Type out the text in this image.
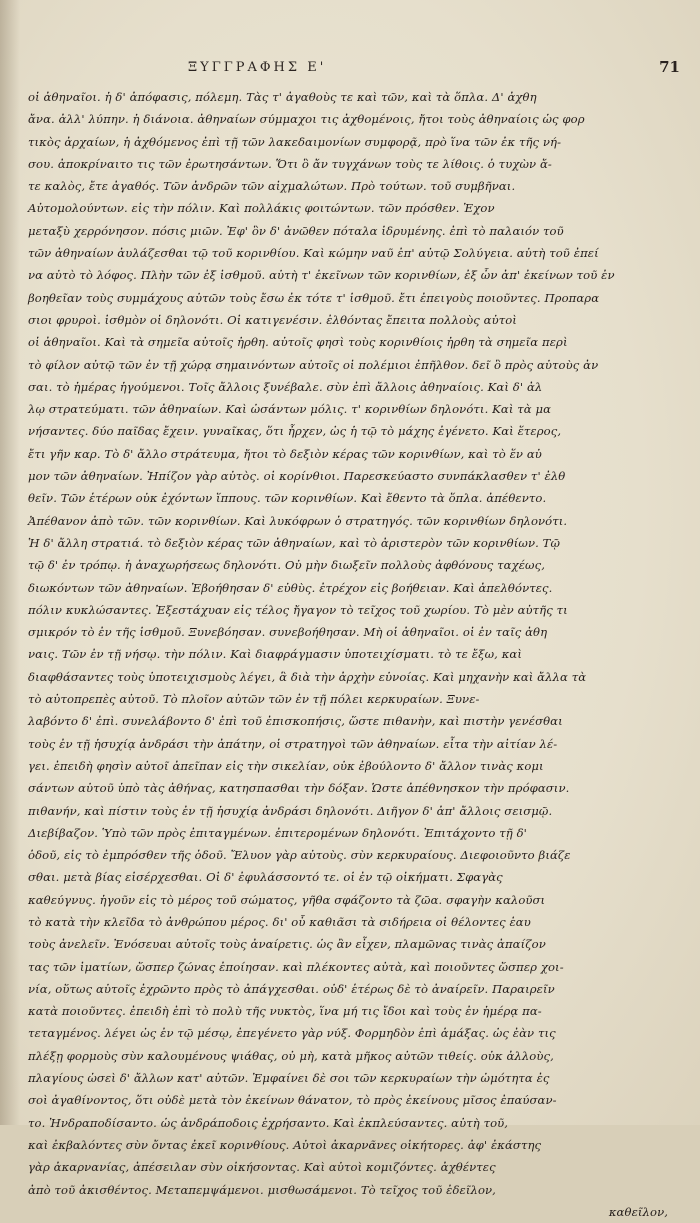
ΞΥΓΓΡΑΦΗΣ Ε'	71
οἱ ἀθηναῖοι. ἡ δ' ἀπόφασις, πόλεμη. Τὰς τ' ἀγαθοὺς τε καὶ τῶν, καὶ τὰ ὅπλα. Δ' ἀχθη
ἄνα. ἀλλ' λύπην. ἡ διάνοια. ἀθηναίων σύμμαχοι τις ἀχθομένοις, ἤτοι τοὺς ἀθηναίοις ὡς φορ
τικὸς ἀρχαίων, ἡ ἀχθόμενος ἐπὶ τῇ τῶν λακεδαιμονίων συμφορᾷ, πρὸ ἵνα τῶν ἐκ τῆς νή-
σου. ἀποκρίναιτο τις τῶν ἐρωτησάντων. Ὅτι ὃ ἄν τυγχάνων τοὺς τε λίθοις. ὁ τυχὼν ἄ-
τε καλὸς, ἔτε ἀγαθός. Τῶν ἀνδρῶν τῶν αἰχμαλώτων. Πρὸ τούτων. τοῦ συμβῆναι.
Αὐτομολούντων. εἰς τὴν πόλιν. Καὶ πολλάκις φοιτώντων. τῶν πρόσθεν. Ἐχον
μεταξὺ χερρόνησον. πόσις μιῶν. Ἐφ' ὃν δ' ἀνῶθεν πόταλα ἰδρυμένης. ἐπὶ τὸ παλαιόν τοῦ
τῶν ἀθηναίων ἀυλάζεσθαι τῷ τοῦ κορινθίου. Καὶ κώμην ναῦ ἐπ' αὐτῷ Σολύγεια. αὐτὴ τοῦ ἐπεί
να αὐτὸ τὸ λόφος. Πλὴν τῶν ἐξ ἰσθμοῦ. αὐτὴ τ' ἐκεῖνων τῶν κορινθίων, ἐξ ὧν ἀπ' ἐκείνων τοῦ ἐν
βοηθεῖαν τοὺς συμμάχους αὐτῶν τοὺς ἔσω ἐκ τότε τ' ἰσθμοῦ. ἔτι ἐπειγοὺς ποιοῦντες. Προπαρα
σιοι φρυροὶ. ἰσθμὸν οἱ δηλονότι. Οἱ κατιγενέσιν. ἐλθόντας ἔπειτα πολλοὺς αὐτοὶ
οἱ ἀθηναῖοι. Καὶ τὰ σημεῖα αὐτοῖς ἠρθη. αὐτοῖς φησὶ τοὺς κορινθίοις ἠρθη τὰ σημεῖα περὶ
τὸ φίλον αὐτῷ τῶν ἐν τῇ χώρᾳ σημαινόντων αὐτοῖς οἱ πολέμιοι ἐπῆλθον. δεῖ ὃ πρὸς αὐτοὺς ἀν
σαι. τὸ ἡμέρας ἡγούμενοι. Τοῖς ἄλλοις ξυνέβαλε. σὺν ἐπὶ ἄλλοις ἀθηναίοις. Καὶ δ' ἀλ
λῳ στρατεύματι. τῶν ἀθηναίων. Καὶ ὠσάντων μόλις. τ' κορινθίων δηλονότι. Καὶ τὰ μα
νήσαντες. δύο παῖδας ἔχειν. γυναῖκας, ὅτι ἦρχεν, ὡς ἡ τῷ τὸ μάχης ἐγένετο. Καὶ ἕτερος,
ἔτι γῆν καρ. Τὸ δ' ἄλλο στράτευμα, ἤτοι τὸ δεξιὸν κέρας τῶν κορινθίων, καὶ τὸ ἕν αὐ
μον τῶν ἀθηναίων. Ἠπίζον γὰρ αὐτὸς. οἱ κορίνθιοι. Παρεσκεύαστο συνπάκλασθεν τ' ἐλθ
θεῖν. Τῶν ἑτέρων οὐκ ἐχόντων ἵππους. τῶν κορινθίων. Καὶ ἔθεντο τὰ ὅπλα. ἀπέθεντο.
Ἀπέθανον ἀπὸ τῶν. τῶν κορινθίων. Καὶ λυκόφρων ὁ στρατηγός. τῶν κορινθίων δηλονότι.
Ἡ δ' ἄλλη στρατιά. τὸ δεξιὸν κέρας τῶν ἀθηναίων, καὶ τὸ ἀριστερὸν τῶν κορινθίων. Τῷ
τῷ δ' ἐν τρόπῳ. ἡ ἀναχωρήσεως δηλονότι. Οὐ μὴν διωξεῖν πολλοὺς ἀφθόνους ταχέως,
διωκόντων τῶν ἀθηναίων. Ἐβοήθησαν δ' εὐθὺς. ἐτρέχον εἰς βοήθειαν. Καὶ ἀπελθόντες.
πόλιν κυκλώσαντες. Ἐξεστάχυαν εἰς τέλος ἤγαγον τὸ τεῖχος τοῦ χωρίου. Τὸ μὲν αὐτῆς τι
σμικρόν τὸ ἐν τῆς ἰσθμοῦ. Ξυνεβόησαν. συνεβοήθησαν. Μὴ οἱ ἀθηναῖοι. οἱ ἐν ταῖς ἀθη
ναις. Τῶν ἐν τῇ νήσῳ. τὴν πόλιν. Καὶ διαφράγμασιν ὑποτειχίσματι. τὸ τε ἔξω, καὶ
διαφθάσαντες τοὺς ὑποτειχισμοὺς λέγει, ἃ διὰ τὴν ἀρχὴν εὐνοίας. Καὶ μηχανὴν καὶ ἄλλα τὰ
τὸ αὐτοπρεπὲς αὐτοῦ. Τὸ πλοῖον αὐτῶν τῶν ἐν τῇ πόλει κερκυραίων. Ξυνε-
λαβόντο δ' ἐπὶ. συνελάβοντο δ' ἐπὶ τοῦ ἐπισκοπήσις, ὥστε πιθανὴν, καὶ πιστὴν γενέσθαι
τοὺς ἐν τῇ ἡσυχίᾳ ἀνδράσι τὴν ἀπάτην, οἱ στρατηγοὶ τῶν ἀθηναίων. εἶτα τὴν αἰτίαν λέ-
γει. ἐπειδὴ φησὶν αὐτοῖ ἀπεῖπαν εἰς τὴν σικελίαν, οὐκ ἐβούλοντο δ' ἄλλον τινὰς κομι
σάντων αὐτοῦ ὑπὸ τὰς ἀθήνας, κατησπασθαι τὴν δόξαν. Ὡστε ἀπέθνησκον τὴν πρόφασιν.
πιθανήν, καὶ πίστιν τοὺς ἐν τῇ ἡσυχίᾳ ἀνδράσι δηλονότι. Διῆγον δ' ἀπ' ἄλλοις σεισμῷ.
Διεβίβαζον. Ὑπὸ τῶν πρὸς ἐπιταγμένων. ἐπιτερομένων δηλονότι. Ἐπιτάχοντο τῇ δ'
ὁδοῦ, εἰς τὸ ἐμπρόσθεν τῆς ὁδοῦ. Ἔλυον γὰρ αὐτοὺς. σὺν κερκυραίους. Διεφοιοῦντο βιάζε
σθαι. μετὰ βίας εἰσέρχεσθαι. Οἱ δ' ἐφυλάσσοντό τε. οἱ ἐν τῷ οἰκήματι. Σφαγὰς
καθεύγνυς. ἡγοῦν εἰς τὸ μέρος τοῦ σώματος, γῆθα σφάζοντο τὰ ζῶα. σφαγὴν καλοῦσι
τὸ κατὰ τὴν κλεῖδα τὸ ἀνθρώπου μέρος. δι' οὗ καθιᾶσι τὰ σιδήρεια οἱ θέλοντες ἑαυ
τοὺς ἀνελεῖν. Ἐνόσευαι αὐτοῖς τοὺς ἀναίρετις. ὡς ἂν εἶχεν, πλαμῶνας τινὰς ἀπαίζον
τας τῶν ἱματίων, ὥσπερ ζώνας ἐποίησαν. καὶ πλέκοντες αὐτὰ, καὶ ποιοῦντες ὥσπερ χοι-
νία, οὕτως αὐτοῖς ἐχρῶντο πρὸς τὸ ἀπάγχεσθαι. οὐδ' ἑτέρως δὲ τὸ ἀναίρεῖν. Παραιρεῖν
κατὰ ποιοῦντες. ἐπειδὴ ἐπὶ τὸ πολὺ τῆς νυκτὸς, ἵνα μή τις ἴδοι καὶ τοὺς ἐν ἡμέρᾳ πα-
τεταγμένος. λέγει ὡς ἐν τῷ μέσῳ, ἐπεγένετο γὰρ νύξ. Φορμηδὸν ἐπὶ ἁμάξας. ὡς ἐὰν τις
πλέξῃ φορμοὺς σὺν καλουμένους ψιάθας, οὐ μὴ, κατὰ μῆκος αὐτῶν τιθείς. οὐκ ἀλλοὺς,
πλαγίους ὡσεὶ δ' ἄλλων κατ' αὐτῶν. Ἐμφαίνει δὲ σοι τῶν κερκυραίων τὴν ὠμότητα ἐς
σοὶ ἀγαθίνοντος, ὅτι οὐδὲ μετὰ τὸν ἐκείνων θάνατον, τὸ πρὸς ἐκείνους μῖσος ἐπαύσαν-
το. Ἠνδραποδίσαντο. ὡς ἀνδράποδοις ἐχρήσαντο. Καὶ ἐκπλεύσαντες. αὐτὴ τοῦ,
καὶ ἐκβαλόντες σὺν ὄντας ἐκεῖ κορινθίους. Αὐτοὶ ἀκαρνᾶνες οἰκήτορες. ἀφ' ἐκάστης
γὰρ ἀκαρνανίας, ἀπέσειλαν σὺν οἰκήσοντας. Καὶ αὐτοὶ κομιζόντες. ἀχθέντες
ἀπὸ τοῦ ἀκισθέντος. Μεταπεμψάμενοι. μισθωσάμενοι. Τὸ τεῖχος τοῦ ἐδεῖλον,
καθεῖλον,
